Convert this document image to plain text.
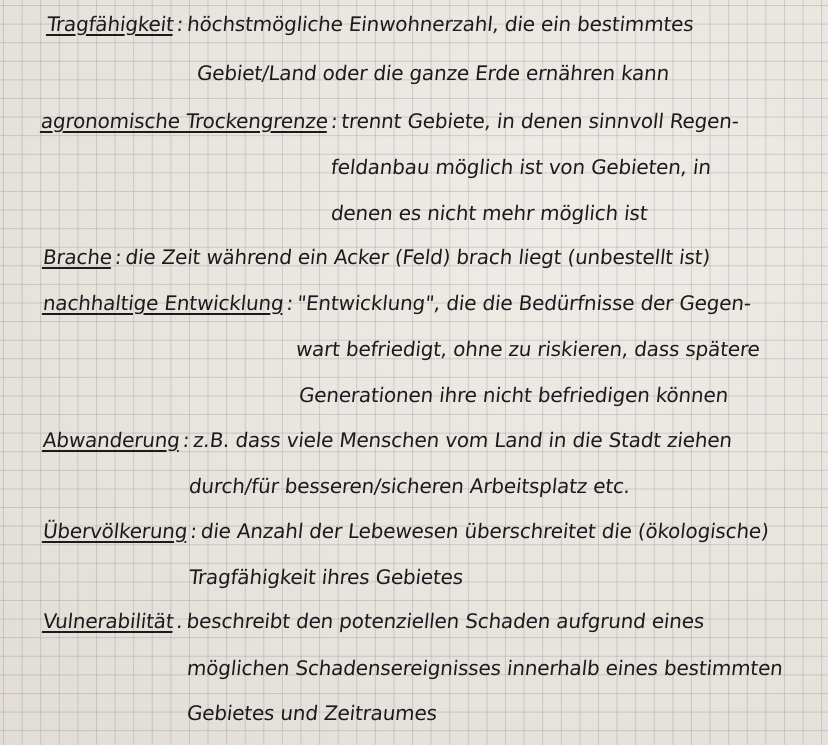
Tragfähigkeit:höchstmögliche Einwohnerzahl, die ein bestimmtes
Gebiet/Land oder die ganze Erde ernähren kann
agronomische Trockengrenze:trennt Gebiete, in denen sinnvoll Regen-
feldanbau möglich ist von Gebieten, in
denen es nicht mehr möglich ist
Brache:die Zeit während ein Acker (Feld) brach liegt (unbestellt ist)
nachhaltige Entwicklung:"Entwicklung", die die Bedürfnisse der Gegen-
wart befriedigt, ohne zu riskieren, dass spätere
Generationen ihre nicht befriedigen können
Abwanderung:z.B. dass viele Menschen vom Land in die Stadt ziehen
durch/für besseren/sicheren Arbeitsplatz etc.
Übervölkerung:die Anzahl der Lebewesen überschreitet die (ökologische)
Tragfähigkeit ihres Gebietes
Vulnerabilität.beschreibt den potenziellen Schaden aufgrund eines
möglichen Schadensereignisses innerhalb eines bestimmten
Gebietes und Zeitraumes
